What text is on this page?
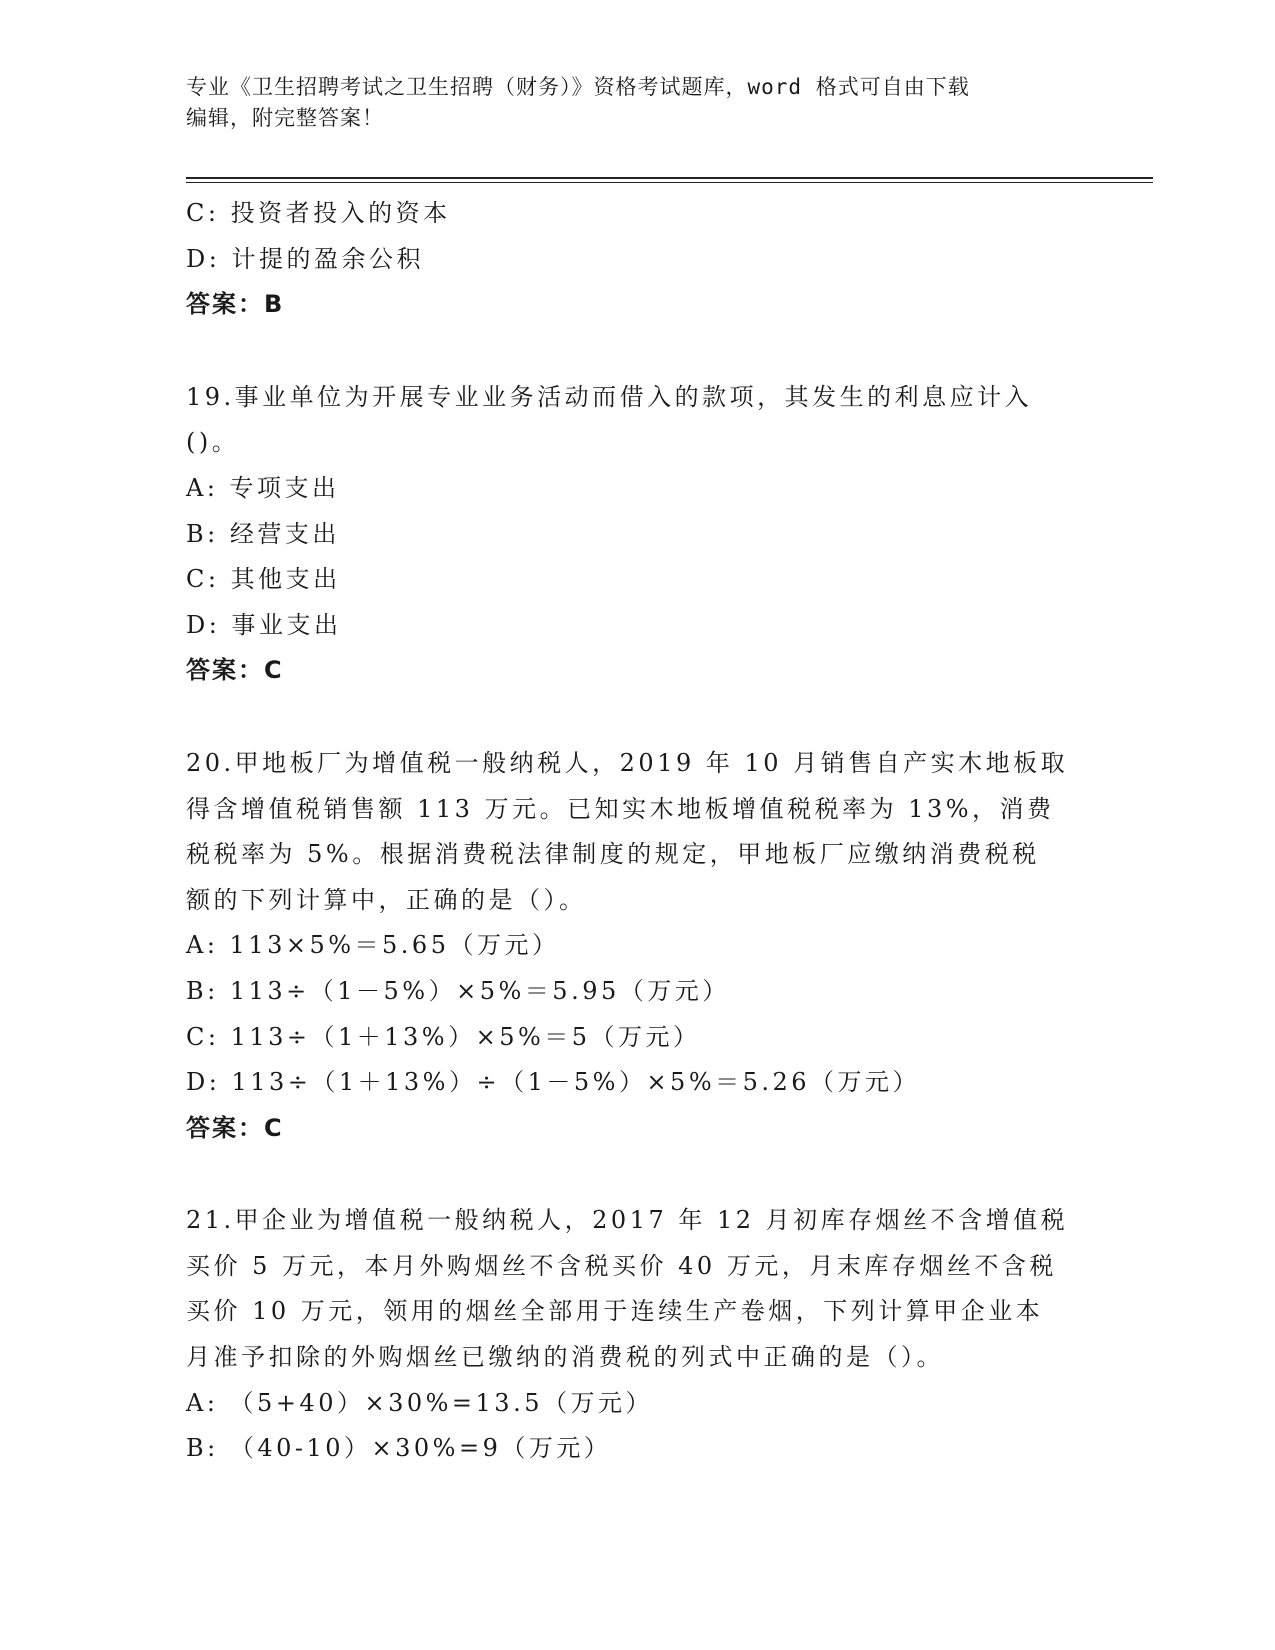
专业《卫生招聘考试之卫生招聘（财务）》资格考试题库，word 格式可自由下载
编辑，附完整答案！
C: 投资者投入的资本
D: 计提的盈余公积
答案：B
19.事业单位为开展专业业务活动而借入的款项，其发生的利息应计入
()。
A: 专项支出
B: 经营支出
C: 其他支出
D: 事业支出
答案：C
20.甲地板厂为增值税一般纳税人，2019 年 10 月销售自产实木地板取
得含增值税销售额 113 万元。已知实木地板增值税税率为 13%，消费
税税率为 5%。根据消费税法律制度的规定，甲地板厂应缴纳消费税税
额的下列计算中，正确的是（）。
A: 113×5%＝5.65（万元）
B: 113÷（1－5%）×5%＝5.95（万元）
C: 113÷（1＋13%）×5%＝5（万元）
D: 113÷（1＋13%）÷（1－5%）×5%＝5.26（万元）
答案：C
21.甲企业为增值税一般纳税人，2017 年 12 月初库存烟丝不含增值税
买价 5 万元，本月外购烟丝不含税买价 40 万元，月末库存烟丝不含税
买价 10 万元，领用的烟丝全部用于连续生产卷烟，下列计算甲企业本
月准予扣除的外购烟丝已缴纳的消费税的列式中正确的是（）。
A: （5+40）×30%=13.5（万元）
B: （40-10）×30%=9（万元）
